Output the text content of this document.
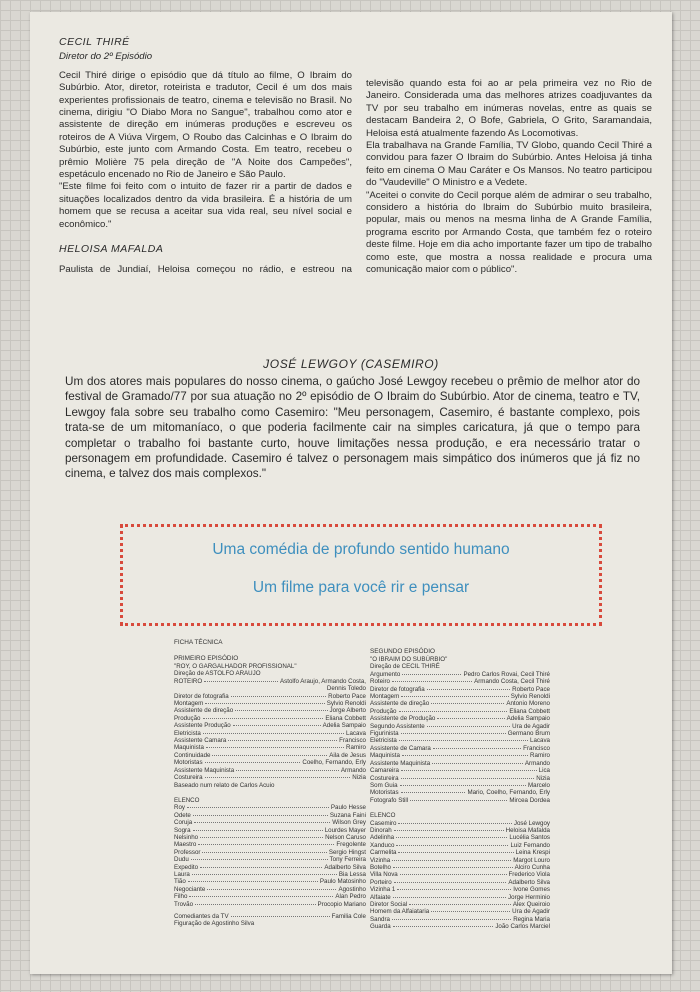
CECIL THIRÉ

Diretor do 2º Episódio

Cecil Thiré dirige o episódio que dá título ao filme, O Ibraim do Subúrbio. Ator, diretor, roteirista e tradutor, Cecil é um dos mais experientes profissionais de teatro, cinema e televisão no Brasil. No cinema, dirigiu "O Diabo Mora no Sangue", trabalhou como ator e assistente de direção em inúmeras produções e escreveu os roteiros de A Viúva Virgem, O Roubo das Calcinhas e O Ibraim do Subúrbio, este junto com Armando Costa. Em teatro, recebeu o prêmio Molière 75 pela direção de "A Noite dos Campeões", espetáculo encenado no Rio de Janeiro e São Paulo.

"Este filme foi feito com o intuito de fazer rir a partir de dados e situações localizados dentro da vida brasileira. É a história de um homem que se recusa a aceitar sua vida real, seu nível social e econômico."

HELOISA MAFALDA

Paulista de Jundiaí, Heloisa começou no rádio, e estreou na

televisão quando esta foi ao ar pela primeira vez no Rio de Janeiro. Considerada uma das melhores atrizes coadjuvantes da TV por seu trabalho em inúmeras novelas, entre as quais se destacam Bandeira 2, O Bofe, Gabriela, O Grito, Saramandaia, Heloisa está atualmente fazendo As Locomotivas.

Ela trabalhava na Grande Família, TV Globo, quando Cecil Thiré a convidou para fazer O Ibraim do Subúrbio. Antes Heloisa já tinha feito em cinema O Mau Caráter e Os Mansos. No teatro participou do "Vaudeville" O Ministro e a Vedete.

"Aceitei o convite do Cecil porque além de admirar o seu trabalho, considero a história do Ibraim do Subúrbio muito brasileira, popular, mais ou menos na mesma linha de A Grande Família, programa escrito por Armando Costa, que também fez o roteiro deste filme. Hoje em dia acho importante fazer um tipo de trabalho como este, que mostra a nossa realidade e procura uma comunicação maior com o público".

JOSÉ LEWGOY (CASEMIRO)

Um dos atores mais populares do nosso cinema, o gaúcho José Lewgoy recebeu o prêmio de melhor ator do festival de Gramado/77 por sua atuação no 2º episódio de O Ibraim do Subúrbio. Ator de cinema, teatro e TV, Lewgoy fala sobre seu trabalho como Casemiro: "Meu personagem, Casemiro, é bastante complexo, pois trata-se de um mitomaníaco, o que poderia facilmente cair na simples caricatura, já que o tempo para completar o trabalho foi bastante curto, houve limitações nessa produção, e era necessário tratar o personagem em profundidade. Casemiro é talvez o personagem mais simpático dos inúmeros que já fiz no cinema, e talvez dos mais complexos."

Uma comédia de profundo sentido humano
Um filme para você rir e pensar
FICHA TÉCNICA
PRIMEIRO EPISÓDIO
"ROY, O GARGALHADOR PROFISSIONAL"
Direção de ASTOLFO ARAUJO
ROTEIRO	Astolfo Araujo, Armando Costa,
Dennis Toledo
Diretor de fotografia	Roberto Pace
Montagem	Sylvio Renoldi
Assistente de direção	Jorge Alberto
Produção	Eliana Cobbett
Assistente Produção	Adelia Sampaio
Eletricista	Lacava
Assistente Camara	Francisco
Maquinista	Ramiro
Continuidade	Aila de Jesus
Motoristas	Coelho, Fernando, Erly
Assistente Maquinista	Armando
Costureira	Nizia
Baseado num relato de Carlos Acuio
ELENCO
Roy	Paulo Hesse
Odete	Suzana Faini
Coruja	Wilson Grey
Sogra	Lourdes Mayer
Nelsinho	Nelson Caruso
Maestro	Fregolente
Professor	Sergio Hingst
Dudu	Tony Ferreira
Expedito	Adalberto Silva
Laura	Bia Lessa
Tião	Paulo Matosinho
Negociante	Agostinho
Filho	Alan Pedro
Trovão	Procopio Mariano
Comediantes da TV	Familia Cole
Figuração de Agostinho Silva
SEGUNDO EPISÓDIO
"O IBRAIM DO SUBÚRBIO"
Direção de CECIL THIRÉ
Argumento	Pedro Carlos Rovai, Cecil Thiré
Roteiro	Armando Costa, Cecil Thiré
Diretor de fotografia	Roberto Pace
Montagem	Sylvio Renoldi
Assistente de direção	Antonio Moreno
Produção	Eliana Cobbett
Assistente de Produção	Adelia Sampaio
Segundo Assistente	Ura de Agadir
Figurinista	Germano Brum
Eletricista	Lacava
Assistente de Camara	Francisco
Maquinista	Ramiro
Assistente Maquinista	Armando
Camareira	Lica
Costureira	Nizia
Som Guia	Marcelo
Motoristas	Mario, Coelho, Fernando, Erly
Fotografo Still	Mircea Dordea
ELENCO
Casemiro	José Lewgoy
Dinorah	Heloisa Mafalda
Adelinha	Lucélia Santos
Xanduco	Luiz Fernando
Carmelita	Leina Krespi
Vizinha	Margot Louro
Botelho	Alciro Cunha
Villa Nova	Frederico Viola
Porteiro	Adalberto Silva
Vizinha 1	Ivone Gomes
Alfaiate	Jorge Herminio
Diretor Social	Alex Queiroio
Homem da Alfaiataria	Ura de Agadir
Sandra	Regina Maria
Guarda	João Carlos Marciel
